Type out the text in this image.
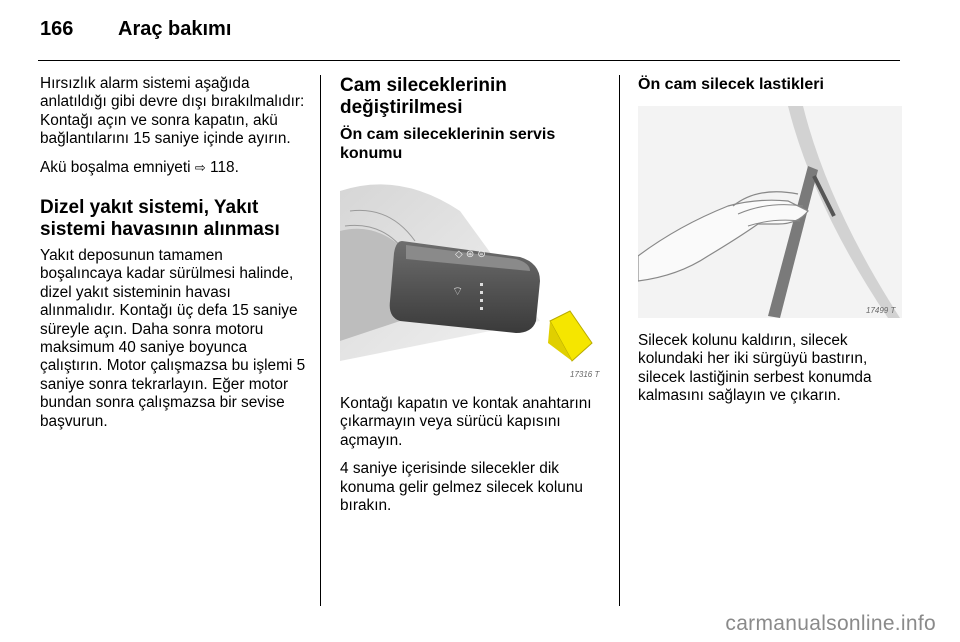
166 Araç bakımı

Hırsızlık alarm sistemi aşağıda anlatıldığı gibi devre dışı bırakılmalıdır: Kontağı açın ve sonra kapatın, akü bağlantılarını 15 saniye içinde ayırın.

Akü boşalma emniyeti ⇨ 118.

Dizel yakıt sistemi, Yakıt sistemi havasının alınması

Yakıt deposunun tamamen boşalıncaya kadar sürülmesi halinde, dizel yakıt sisteminin havası alınmalıdır. Kontağı üç defa 15 saniye süreyle açın. Daha sonra motoru maksimum 40 saniye boyunca çalıştırın. Motor çalışmazsa bu işlemi 5 saniye sonra tekrarlayın. Eğer motor bundan sonra çalışmazsa bir sevise başvurun.

Cam sileceklerinin değiştirilmesi
Ön cam sileceklerinin servis konumu
◇ ⊛ ⊜
⌔
17316 T

Kontağı kapatın ve kontak anahtarını çıkarmayın veya sürücü kapısını açmayın.

4 saniye içerisinde silecekler dik konuma gelir gelmez silecek kolunu bırakın.

Ön cam silecek lastikleri
17499 T

Silecek kolunu kaldırın, silecek kolundaki her iki sürgüyü bastırın, silecek lastiğinin serbest konumda kalmasını sağlayın ve çıkarın.

carmanualsonline.info
